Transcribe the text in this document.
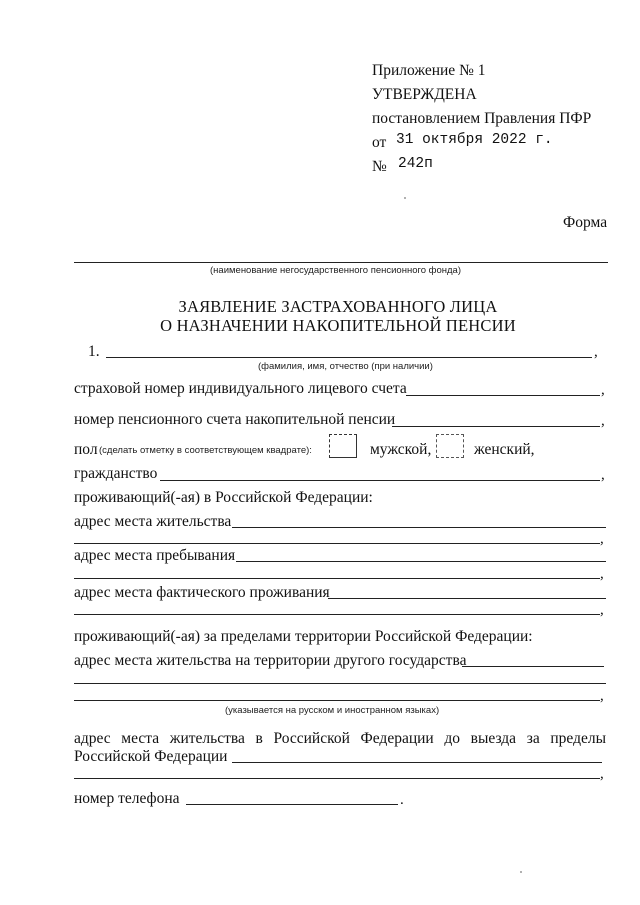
Приложение № 1
УТВЕРЖДЕНА
постановлением Правления ПФР
от 31 октября 2022 г.
№ 242п
Форма
(наименование негосударственного пенсионного фонда)
ЗАЯВЛЕНИЕ ЗАСТРАХОВАННОГО ЛИЦА
О НАЗНАЧЕНИИ НАКОПИТЕЛЬНОЙ ПЕНСИИ
1.	,
(фамилия, имя, отчество (при наличии)
страховой номер индивидуального лицевого счета	,
номер пенсионного счета накопительной пенсии	,
пол (сделать отметку в соответствующем квадрате):	мужской,	женский,
гражданство	,
проживающий(-ая) в Российской Федерации:
адрес места жительства
,
адрес места пребывания
,
адрес места фактического проживания
,
проживающий(-ая) за пределами территории Российской Федерации:
адрес места жительства на территории другого государства
,
(указывается на русском и иностранном языках)
адрес места жительства в Российской Федерации до выезда за пределы
Российской Федерации
,
номер телефона	.
